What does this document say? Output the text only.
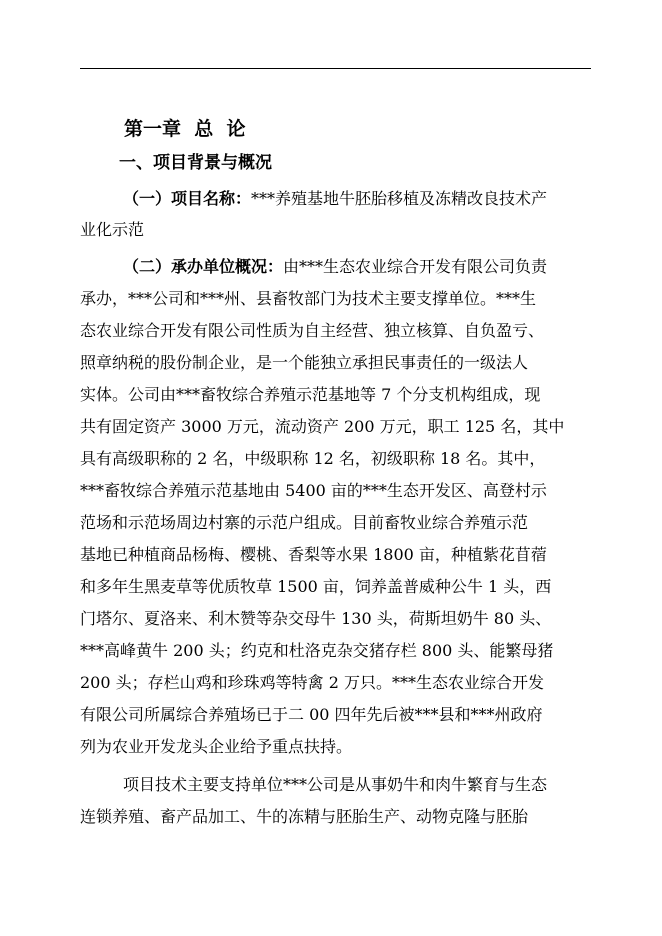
第一章  总  论
一、项目背景与概况
（一）项目名称：***养殖基地牛胚胎移植及冻精改良技术产
业化示范
（二）承办单位概况：由***生态农业综合开发有限公司负责
承办，***公司和***州、县畜牧部门为技术主要支撑单位。***生
态农业综合开发有限公司性质为自主经营、独立核算、自负盈亏、
照章纳税的股份制企业，是一个能独立承担民事责任的一级法人
实体。公司由***畜牧综合养殖示范基地等 7 个分支机构组成，现
共有固定资产 3000 万元，流动资产 200 万元，职工 125 名，其中
具有高级职称的 2 名，中级职称 12 名，初级职称 18 名。其中，
***畜牧综合养殖示范基地由 5400 亩的***生态开发区、高登村示
范场和示范场周边村寨的示范户组成。目前畜牧业综合养殖示范
基地已种植商品杨梅、樱桃、香梨等水果 1800 亩，种植紫花苜蓿
和多年生黑麦草等优质牧草 1500 亩，饲养盖普威种公牛 1 头，西
门塔尔、夏洛来、利木赞等杂交母牛 130 头，荷斯坦奶牛 80 头、
***高峰黄牛 200 头；约克和杜洛克杂交猪存栏 800 头、能繁母猪
200 头；存栏山鸡和珍珠鸡等特禽 2 万只。***生态农业综合开发
有限公司所属综合养殖场已于二 00 四年先后被***县和***州政府
列为农业开发龙头企业给予重点扶持。
项目技术主要支持单位***公司是从事奶牛和肉牛繁育与生态
连锁养殖、畜产品加工、牛的冻精与胚胎生产、动物克隆与胚胎
